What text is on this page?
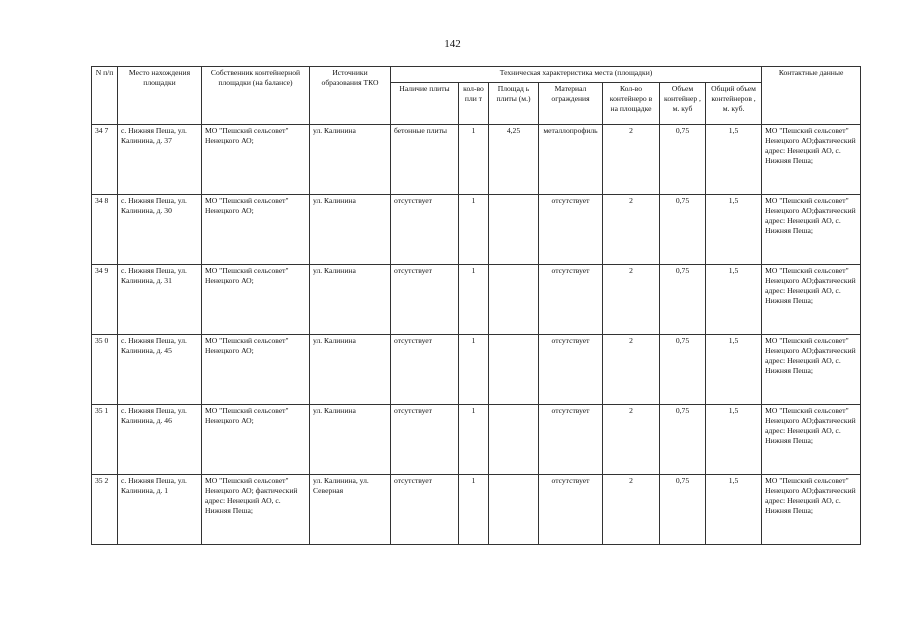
142
N п/п	Место нахождения площадки	Собственник контейнерной площадки (на балансе)	Источники образования ТКО	Техническая характеристика места (площадки)							Контактные данные
				Наличие плиты	кол-во пли т	Площад ь плиты (м.)	Материал ограждения	Кол-во контейнеро в на площадке	Объем контейнер , м. куб	Общий объем контейнеров , м. куб.	
34 7	с. Нижняя Пеша, ул. Калинина, д. 37	МО "Пешский сельсовет" Ненецкого АО;	ул. Калинина	бетонные плиты	1	4,25	металлопрофиль	2	0,75	1,5	МО "Пешский сельсовет" Ненецкого АО;фактический адрес: Ненецкий АО, с. Нижняя Пеша;
34 8	с. Нижняя Пеша, ул. Калинина, д. 30	МО "Пешский сельсовет" Ненецкого АО;	ул. Калинина	отсутствует	1		отсутствует	2	0,75	1,5	МО "Пешский сельсовет" Ненецкого АО;фактический адрес: Ненецкий АО, с. Нижняя Пеша;
34 9	с. Нижняя Пеша, ул. Калинина, д. 31	МО "Пешский сельсовет" Ненецкого АО;	ул. Калинина	отсутствует	1		отсутствует	2	0,75	1,5	МО "Пешский сельсовет" Ненецкого АО;фактический адрес: Ненецкий АО, с. Нижняя Пеша;
35 0	с. Нижняя Пеша, ул. Калинина, д. 45	МО "Пешский сельсовет" Ненецкого АО;	ул. Калинина	отсутствует	1		отсутствует	2	0,75	1,5	МО "Пешский сельсовет" Ненецкого АО;фактический адрес: Ненецкий АО, с. Нижняя Пеша;
35 1	с. Нижняя Пеша, ул. Калинина, д. 46	МО "Пешский сельсовет" Ненецкого АО;	ул. Калинина	отсутствует	1		отсутствует	2	0,75	1,5	МО "Пешский сельсовет" Ненецкого АО;фактический адрес: Ненецкий АО, с. Нижняя Пеша;
35 2	с. Нижняя Пеша, ул. Калинина, д. 1	МО "Пешский сельсовет" Ненецкого АО; фактический адрес: Ненецкий АО, с. Нижняя Пеша;	ул. Калинина, ул. Северная	отсутствует	1		отсутствует	2	0,75	1,5	МО "Пешский сельсовет" Ненецкого АО;фактический адрес: Ненецкий АО, с. Нижняя Пеша;
